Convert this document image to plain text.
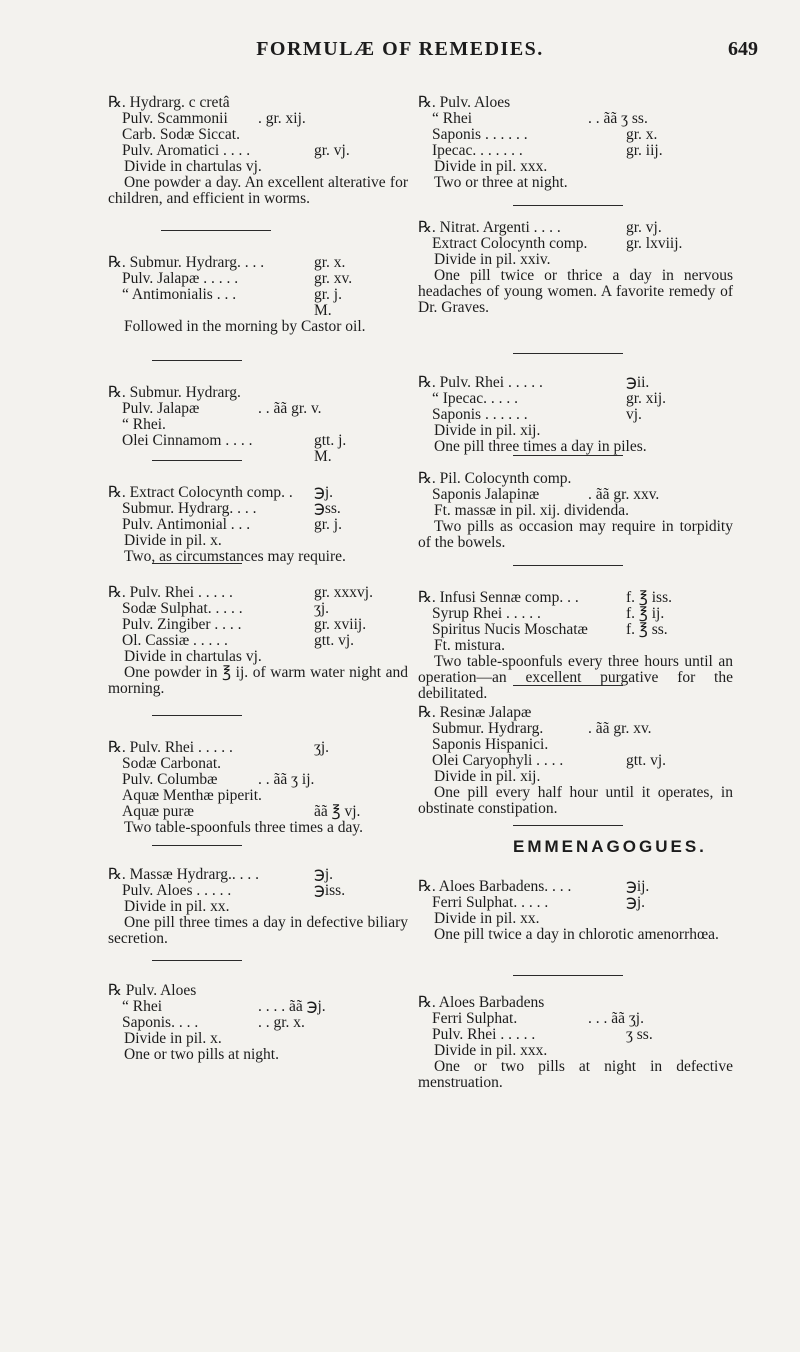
FORMULÆ OF REMEDIES.	649
℞. Hydrarg. c cretâ
Pulv. Scammonii . gr. xij.
Carb. Sodæ Siccat.
Pulv. Aromatici . . . .	gr. vj.
Divide in chartulas vj.

One powder a day. An excellent alterative for children, and efficient in worms.

℞. Submur. Hydrarg. . . .	gr. x.
Pulv. Jalapæ . . . . .	gr. xv.
“ Antimonialis . . .	gr. j.
M.

Followed in the morning by Castor oil.

℞. Submur. Hydrarg.
Pulv. Jalapæ	. . ãã gr. v.
“ Rhei.
Olei Cinnamom . . . .	gtt. j.
M.
℞. Extract Colocynth comp. . ℈j.
Submur. Hydrarg. . . .	℈ss.
Pulv. Antimonial . . .	gr. j.
Divide in pil. x.

Two, as circumstances may require.

℞. Pulv. Rhei . . . . .	gr. xxxvj.
Sodæ Sulphat. . . . .	ʒj.
Pulv. Zingiber . . . .	gr. xviij.
Ol. Cassiæ . . . . .	gtt. vj.
Divide in chartulas vj.

One powder in ℥ ij. of warm water night and morning.

℞. Pulv. Rhei . . . . .	ʒj.
Sodæ Carbonat.
Pulv. Columbæ	. . ãã ʒ ij.
Aquæ Menthæ piperit.
Aquæ puræ	ãã ℥ vj.

Two table-spoonfuls three times a day.

℞. Massæ Hydrarg.. . . .	℈j.
Pulv. Aloes . . . . .	℈iss.
Divide in pil. xx.

One pill three times a day in defective biliary secretion.

℞ Pulv. Aloes
“ Rhei	. . . . ãã ℈j.
Saponis. . . .	. . gr. x.
Divide in pil. x.

One or two pills at night.

℞. Pulv. Aloes
“ Rhei	. . ãã ʒ ss.
Saponis . . . . . .	gr. x.
Ipecac. . . . . . .	gr. iij.
Divide in pil. xxx.

Two or three at night.

℞. Nitrat. Argenti . . . .	gr. vj.
Extract Colocynth comp. gr. lxviij.
Divide in pil. xxiv.

One pill twice or thrice a day in nervous headaches of young women. A favorite remedy of Dr. Graves.

℞. Pulv. Rhei . . . . .	℈ii.
“ Ipecac. . . . .	gr. xij.
Saponis . . . . . .	vj.
Divide in pil. xij.

One pill three times a day in piles.

℞. Pil. Colocynth comp.
Saponis Jalapinæ	. ãã gr. xxv.
Ft. massæ in pil. xij. dividenda.

Two pills as occasion may require in torpidity of the bowels.

℞. Infusi Sennæ comp. . .	f. ℥ iss.
Syrup Rhei . . . . .	f. ℥ ij.
Spiritus Nucis Moschatæ f. ℥ ss.
Ft. mistura.

Two table-spoonfuls every three hours until an operation—an excellent purgative for the debilitated.

℞. Resinæ Jalapæ
Submur. Hydrarg.	. ãã gr. xv.
Saponis Hispanici.
Olei Caryophyli . . . .	gtt. vj.
Divide in pil. xij.

One pill every half hour until it operates, in obstinate constipation.

EMMENAGOGUES.
℞. Aloes Barbadens. . . .	℈ij.
Ferri Sulphat. . . . .	℈j.
Divide in pil. xx.

One pill twice a day in chlorotic amenorrhœa.

℞. Aloes Barbadens
Ferri Sulphat.	. . . ãã ʒj.
Pulv. Rhei . . . . .	ʒ ss.
Divide in pil. xxx.

One or two pills at night in defective menstruation.
